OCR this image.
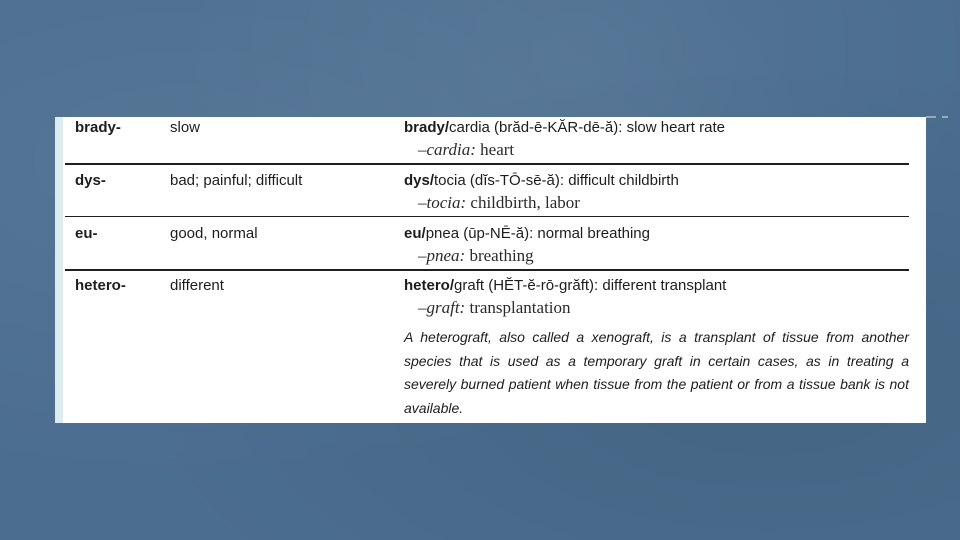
brady-	slow	brady/cardia (brăd-ē-KĂR-dē-ă): slow heart rate
–cardia: heart
dys-	bad; painful; difficult	dys/tocia (dĭs-TŌ-sē-ă): difficult childbirth
–tocia: childbirth, labor
eu-	good, normal	eu/pnea (ūp-NĒ-ă): normal breathing
–pnea: breathing
hetero-	different	hetero/graft (HĔT-ĕ-rō-grăft): different transplant
–graft: transplantation

A heterograft, also called a xenograft, is a transplant of tissue from another species that is used as a temporary graft in certain cases, as in treating a severely burned patient when tissue from the patient or from a tissue bank is not available.
